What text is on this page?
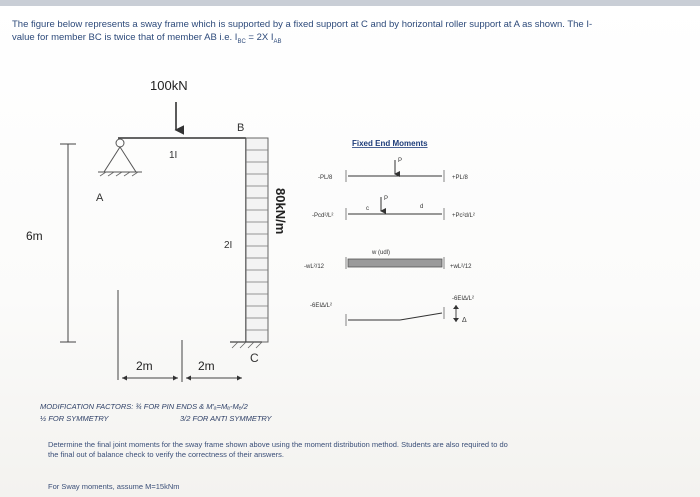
The figure below represents a sway frame which is supported by a fixed support at C and by horizontal roller support at A as shown. The I-
value for member BC is twice that of member AB i.e. $I_{BC} = 2X$ $I_{AB}$
100kN
1I
A
2I
B
80kN/m
C
6m
2m	2m
Fixed End Moments
P
-PL/8	+PL/8
P
c	d
-Pcd²/L²	+Pc²d/L²
w (udl)
-wL²/12	+wL²/12
Δ
-6EIΔ/L²
-6EIΔ/L²
MODIFICATION FACTORS: ¾ FOR PIN ENDS & M'ₐ=Mₐ-Mₑ/2
½ FOR SYMMETRY	3/2 FOR ANTI SYMMETRY
Determine the final joint moments for the sway frame shown above using the moment distribution method. Students are also required to do
the final out of balance check to verify the correctness of their answers.
For Sway moments, assume M=15kNm
